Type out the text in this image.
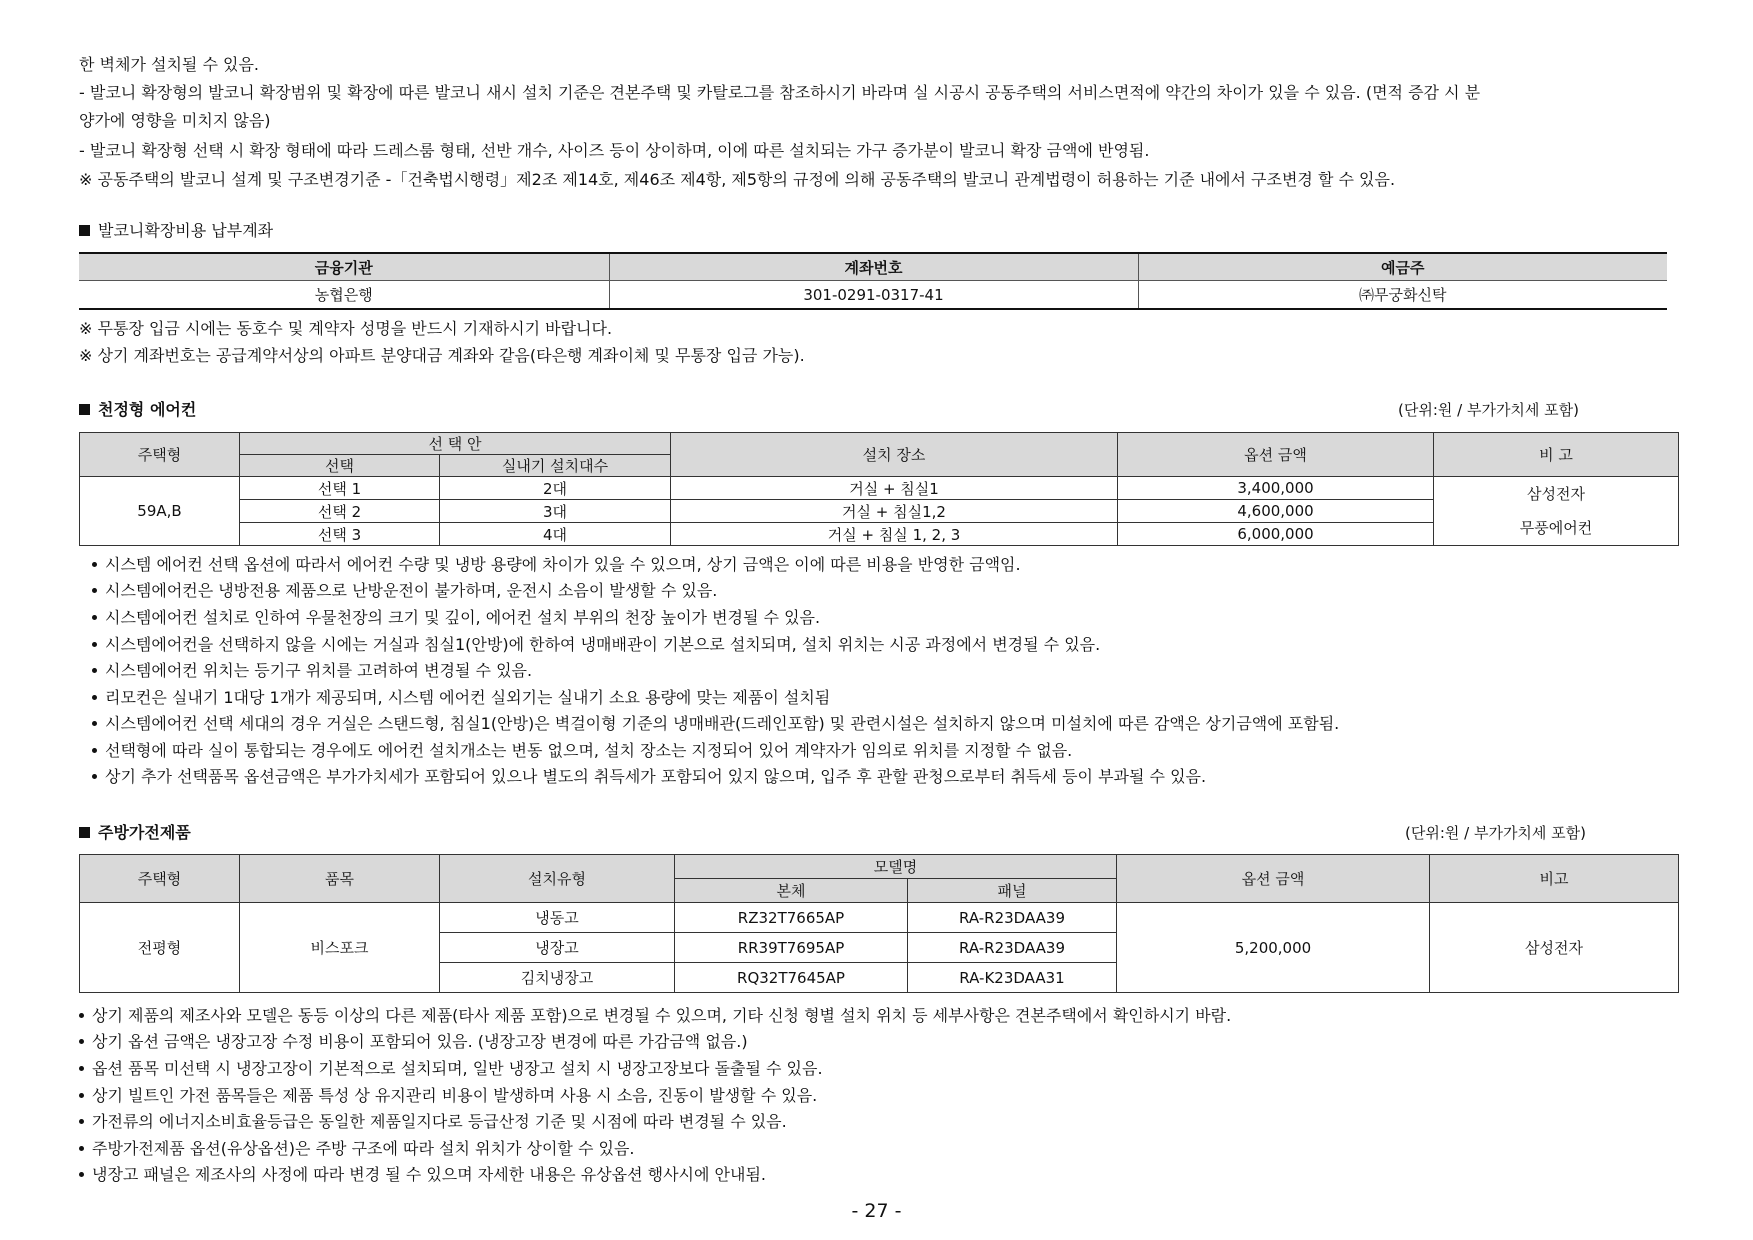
한 벽체가 설치될 수 있음.
- 발코니 확장형의 발코니 확장범위 및 확장에 따른 발코니 새시 설치 기준은 견본주택 및 카탈로그를 참조하시기 바라며 실 시공시 공동주택의 서비스면적에 약간의 차이가 있을 수 있음. (면적 증감 시 분
양가에 영향을 미치지 않음)
- 발코니 확장형 선택 시 확장 형태에 따라 드레스룸 형태, 선반 개수, 사이즈 등이 상이하며, 이에 따른 설치되는 가구 증가분이 발코니 확장 금액에 반영됨.
※ 공동주택의 발코니 설계 및 구조변경기준 -「건축법시행령」제2조 제14호, 제46조 제4항, 제5항의 규정에 의해 공동주택의 발코니 관계법령이 허용하는 기준 내에서 구조변경 할 수 있음.
발코니확장비용 납부계좌
금융기관	계좌번호	예금주
농협은행	301-0291-0317-41	㈜무궁화신탁
※ 무통장 입금 시에는 동호수 및 계약자 성명을 반드시 기재하시기 바랍니다.
※ 상기 계좌번호는 공급계약서상의 아파트 분양대금 계좌와 같음(타은행 계좌이체 및 무통장 입금 가능).
천정형 에어컨	(단위:원 / 부가가치세 포함)
주택형	선 택 안		설치 장소	옵션 금액	비 고
	선택	실내기 설치대수			
59A,B	선택 1	2대	거실 + 침실1	3,400,000	삼성전자
무풍에어컨

	선택 2	3대	거실 + 침실1,2	4,600,000	
	선택 3	4대	거실 + 침실 1, 2, 3	6,000,000	
시스템 에어컨 선택 옵션에 따라서 에어컨 수량 및 냉방 용량에 차이가 있을 수 있으며, 상기 금액은 이에 따른 비용을 반영한 금액임.
시스템에어컨은 냉방전용 제품으로 난방운전이 불가하며, 운전시 소음이 발생할 수 있음.
시스템에어컨 설치로 인하여 우물천장의 크기 및 깊이, 에어컨 설치 부위의 천장 높이가 변경될 수 있음.
시스템에어컨을 선택하지 않을 시에는 거실과 침실1(안방)에 한하여 냉매배관이 기본으로 설치되며, 설치 위치는 시공 과정에서 변경될 수 있음.
시스템에어컨 위치는 등기구 위치를 고려하여 변경될 수 있음.
리모컨은 실내기 1대당 1개가 제공되며, 시스템 에어컨 실외기는 실내기 소요 용량에 맞는 제품이 설치됨
시스템에어컨 선택 세대의 경우 거실은 스탠드형, 침실1(안방)은 벽걸이형 기준의 냉매배관(드레인포함) 및 관련시설은 설치하지 않으며 미설치에 따른 감액은 상기금액에 포함됨.
선택형에 따라 실이 통합되는 경우에도 에어컨 설치개소는 변동 없으며, 설치 장소는 지정되어 있어 계약자가 임의로 위치를 지정할 수 없음.
상기 추가 선택품목 옵션금액은 부가가치세가 포함되어 있으나 별도의 취득세가 포함되어 있지 않으며, 입주 후 관할 관청으로부터 취득세 등이 부과될 수 있음.
주방가전제품	(단위:원 / 부가가치세 포함)
주택형	품목	설치유형	모델명		옵션 금액	비고
			본체	패널		
전평형	비스포크	냉동고	RZ32T7665AP	RA-R23DAA39	5,200,000	삼성전자
		냉장고	RR39T7695AP	RA-R23DAA39		
		김치냉장고	RQ32T7645AP	RA-K23DAA31		
상기 제품의 제조사와 모델은 동등 이상의 다른 제품(타사 제품 포함)으로 변경될 수 있으며, 기타 신청 형별 설치 위치 등 세부사항은 견본주택에서 확인하시기 바람.
상기 옵션 금액은 냉장고장 수정 비용이 포함되어 있음. (냉장고장 변경에 따른 가감금액 없음.)
옵션 품목 미선택 시 냉장고장이 기본적으로 설치되며, 일반 냉장고 설치 시 냉장고장보다 돌출될 수 있음.
상기 빌트인 가전 품목들은 제품 특성 상 유지관리 비용이 발생하며 사용 시 소음, 진동이 발생할 수 있음.
가전류의 에너지소비효율등급은 동일한 제품일지다로 등급산정 기준 및 시점에 따라 변경될 수 있음.
주방가전제품 옵션(유상옵션)은 주방 구조에 따라 설치 위치가 상이할 수 있음.
냉장고 패널은 제조사의 사정에 따라 변경 될 수 있으며 자세한 내용은 유상옵션 행사시에 안내됨.
- 27 -
